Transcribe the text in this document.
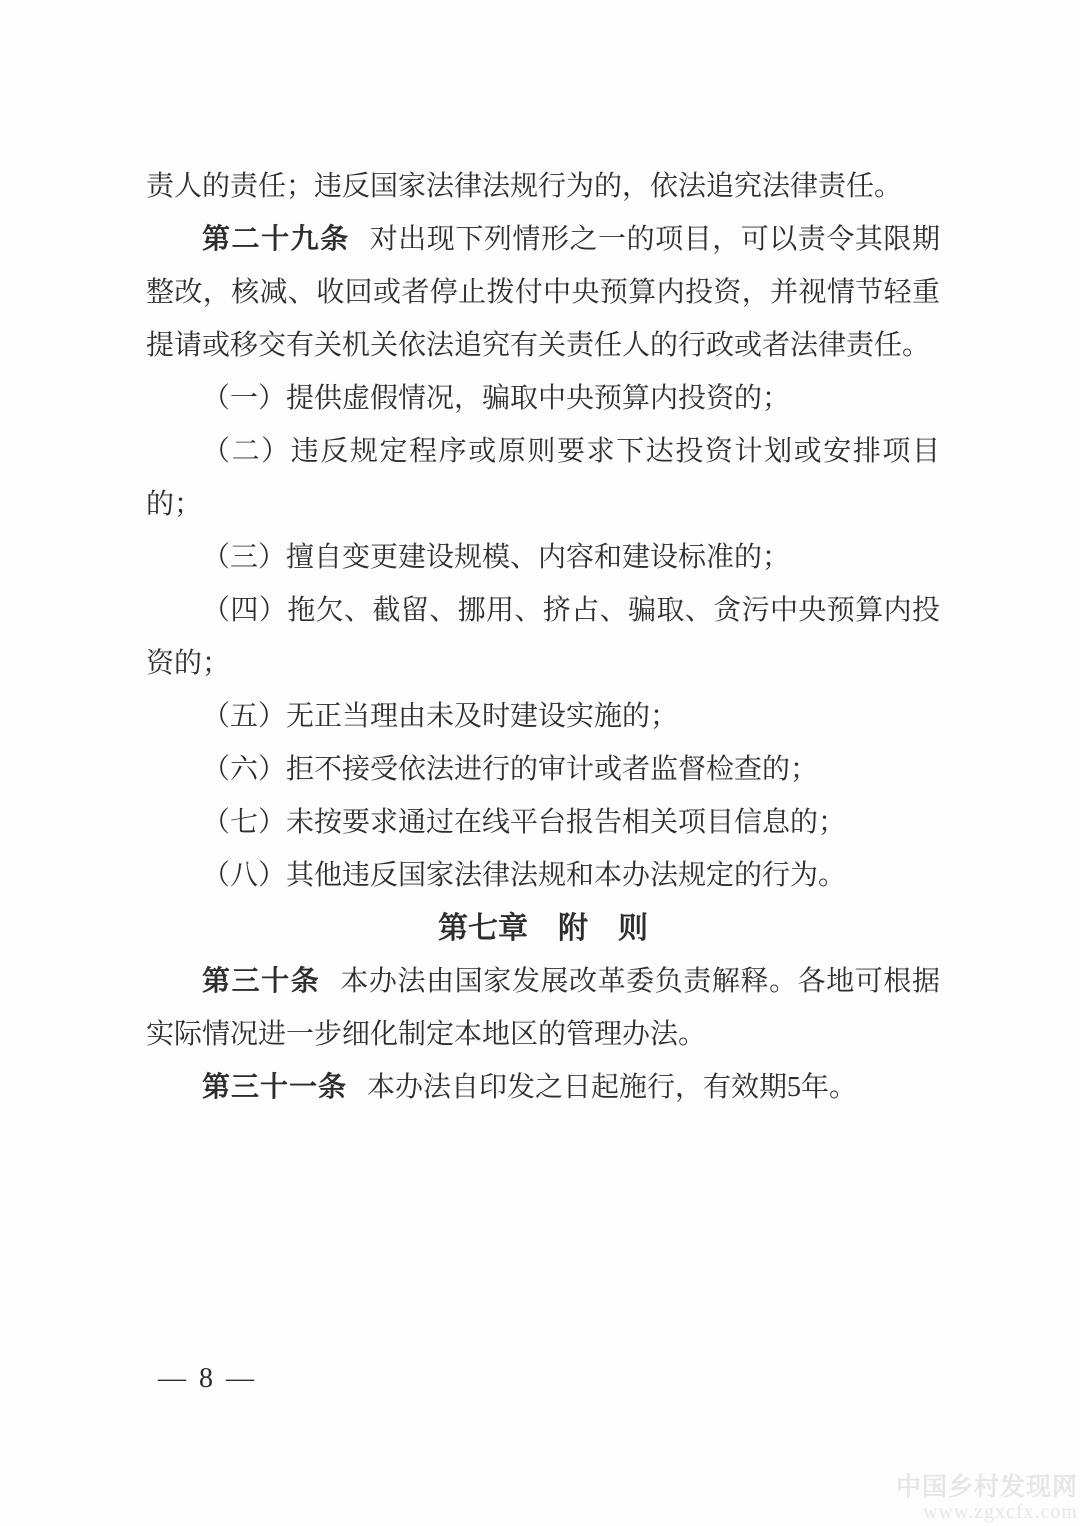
责人的责任；违反国家法律法规行为的，依法追究法律责任。

第二十九条 对出现下列情形之一的项目，可以责令其限期整改，核减、收回或者停止拨付中央预算内投资，并视情节轻重提请或移交有关机关依法追究有关责任人的行政或者法律责任。

（一）提供虚假情况，骗取中央预算内投资的；

（二）违反规定程序或原则要求下达投资计划或安排项目的；

（三）擅自变更建设规模、内容和建设标准的；

（四）拖欠、截留、挪用、挤占、骗取、贪污中央预算内投资的；

（五）无正当理由未及时建设实施的；

（六）拒不接受依法进行的审计或者监督检查的；

（七）未按要求通过在线平台报告相关项目信息的；

（八）其他违反国家法律法规和本办法规定的行为。

第七章　附　则

第三十条 本办法由国家发展改革委负责解释。各地可根据实际情况进一步细化制定本地区的管理办法。

第三十一条 本办法自印发之日起施行，有效期5年。

— 8 —
中国乡村发现网
www.zgxcfx.com
